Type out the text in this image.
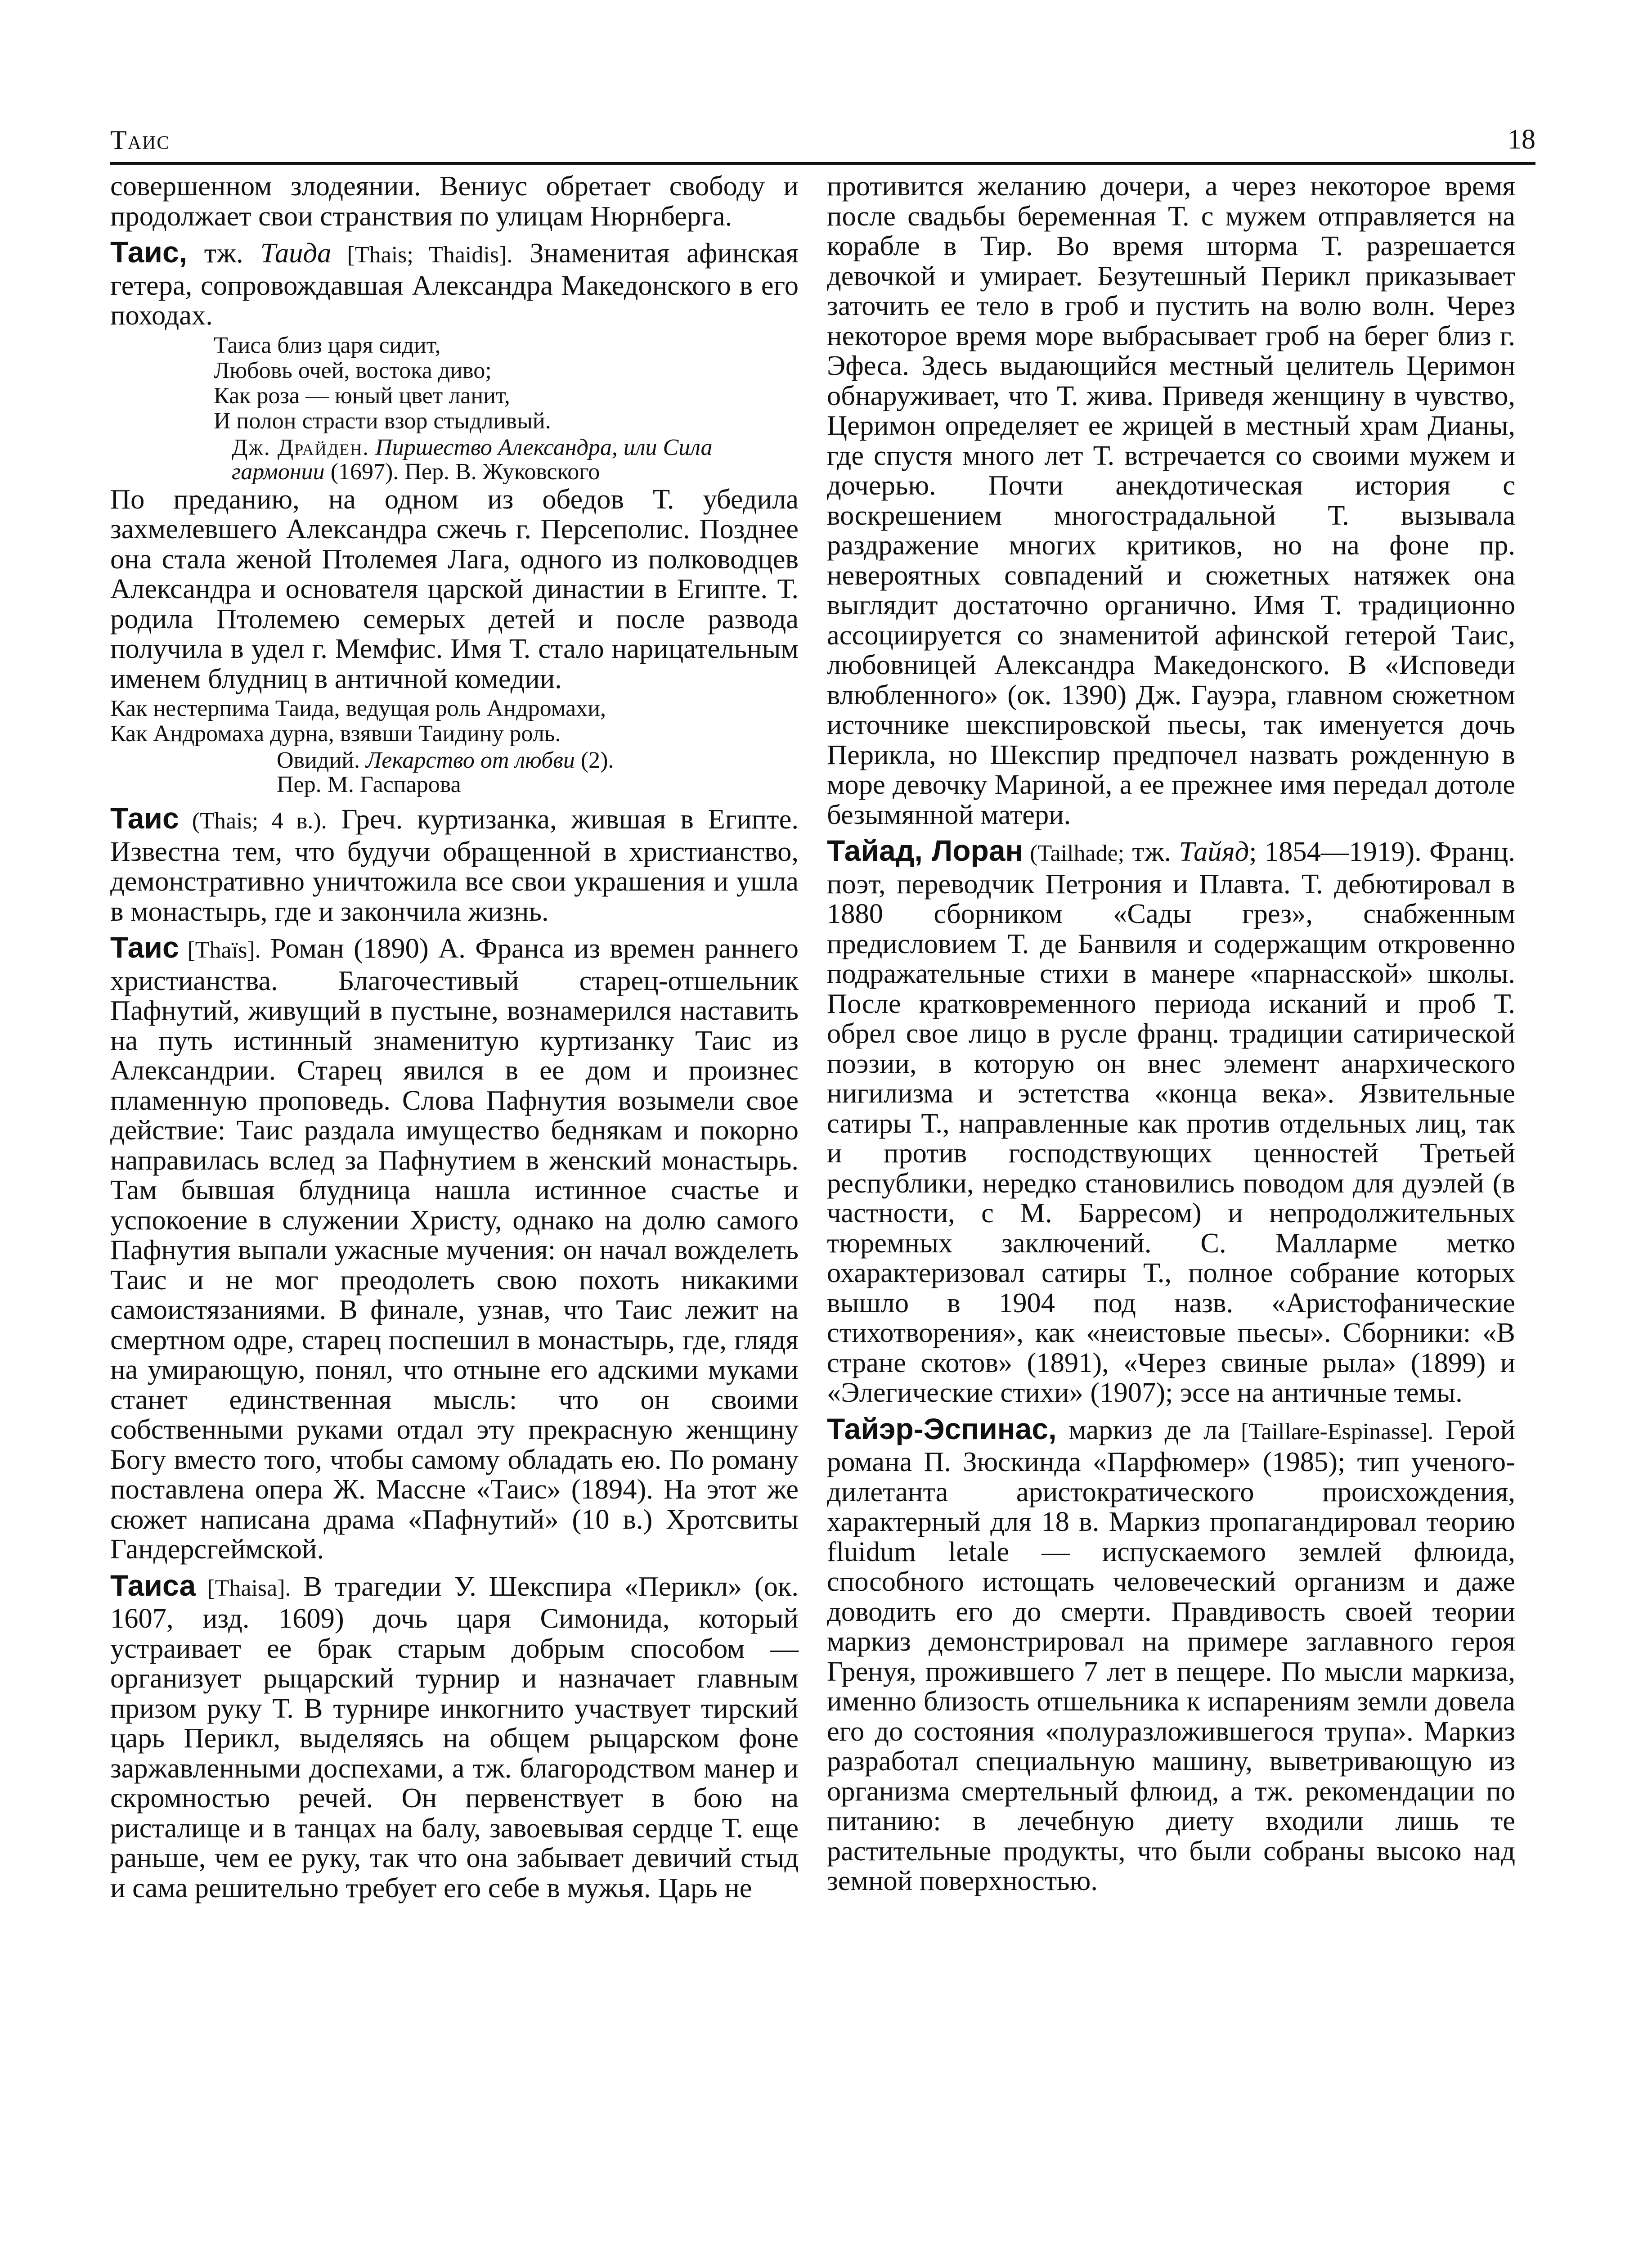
Таис	18

совершенном злодеянии. Вениус обретает свободу и продолжает свои странствия по улицам Нюрнберга.

Таис, тж. Таида [Thais; Thaidis]. Знаменитая афинская гетера, сопровождавшая Александра Македонского в его походах.

Таиса близ царя сидит,
Любовь очей, востока диво;
Как роза — юный цвет ланит,
И полон страсти взор стыдливый.
Дж. Драйден. Пиршество Александра, или Сила гармонии (1697). Пер. В. Жуковского

По преданию, на одном из обедов Т. убедила захмелевшего Александра сжечь г. Персеполис. Позднее она стала женой Птолемея Лага, одного из полководцев Александра и основателя царской династии в Египте. Т. родила Птолемею семерых детей и после развода получила в удел г. Мемфис. Имя Т. стало нарицательным именем блудниц в античной комедии.

Как нестерпима Таида, ведущая роль Андромахи,
Как Андромаха дурна, взявши Таидину роль.
Овидий. Лекарство от любви (2).
Пер. М. Гаспарова

Таис (Thais; 4 в.). Греч. куртизанка, жившая в Египте. Известна тем, что будучи обращенной в христианство, демонстративно уничтожила все свои украшения и ушла в монастырь, где и закончила жизнь.

Таис [Thaïs]. Роман (1890) А. Франса из времен раннего христианства. Благочестивый старец-отшельник Пафнутий, живущий в пустыне, вознамерился наставить на путь истинный знаменитую куртизанку Таис из Александрии. Старец явился в ее дом и произнес пламенную проповедь. Слова Пафнутия возымели свое действие: Таис раздала имущество беднякам и покорно направилась вслед за Пафнутием в женский монастырь. Там бывшая блудница нашла истинное счастье и успокоение в служении Христу, однако на долю самого Пафнутия выпали ужасные мучения: он начал вожделеть Таис и не мог преодолеть свою похоть никакими самоистязаниями. В финале, узнав, что Таис лежит на смертном одре, старец поспешил в монастырь, где, глядя на умирающую, понял, что отныне его адскими муками станет единственная мысль: что он своими собственными руками отдал эту прекрасную женщину Богу вместо того, чтобы самому обладать ею. По роману поставлена опера Ж. Массне «Таис» (1894). На этот же сюжет написана драма «Пафнутий» (10 в.) Хротсвиты Гандерсгеймской.

Таиса [Thaisa]. В трагедии У. Шекспира «Перикл» (ок. 1607, изд. 1609) дочь царя Симонида, который устраивает ее брак старым добрым способом — организует рыцарский турнир и назначает главным призом руку Т. В турнире инкогнито участвует тирский царь Перикл, выделяясь на общем рыцарском фоне заржавленными доспехами, а тж. благородством манер и скромностью речей. Он первенствует в бою на ристалище и в танцах на балу, завоевывая сердце Т. еще раньше, чем ее руку, так что она забывает девичий стыд и сама решительно требует его себе в мужья. Царь не

противится желанию дочери, а через некоторое время после свадьбы беременная Т. с мужем отправляется на корабле в Тир. Во время шторма Т. разрешается девочкой и умирает. Безутешный Перикл приказывает заточить ее тело в гроб и пустить на волю волн. Через некоторое время море выбрасывает гроб на берег близ г. Эфеса. Здесь выдающийся местный целитель Церимон обнаруживает, что Т. жива. Приведя женщину в чувство, Церимон определяет ее жрицей в местный храм Дианы, где спустя много лет Т. встречается со своими мужем и дочерью. Почти анекдотическая история с воскрешением многострадальной Т. вызывала раздражение многих критиков, но на фоне пр. невероятных совпадений и сюжетных натяжек она выглядит достаточно органично. Имя Т. традиционно ассоциируется со знаменитой афинской гетерой Таис, любовницей Александра Македонского. В «Исповеди влюбленного» (ок. 1390) Дж. Гауэра, главном сюжетном источнике шекспировской пьесы, так именуется дочь Перикла, но Шекспир предпочел назвать рожденную в море девочку Мариной, а ее прежнее имя передал дотоле безымянной матери.

Тайад, Лоран (Tailhade; тж. Тайяд; 1854—1919). Франц. поэт, переводчик Петрония и Плавта. Т. дебютировал в 1880 сборником «Сады грез», снабженным предисловием Т. де Банвиля и содержащим откровенно подражательные стихи в манере «парнасской» школы. После кратковременного периода исканий и проб Т. обрел свое лицо в русле франц. традиции сатирической поэзии, в которую он внес элемент анархического нигилизма и эстетства «конца века». Язвительные сатиры Т., направленные как против отдельных лиц, так и против господствующих ценностей Третьей республики, нередко становились поводом для дуэлей (в частности, с М. Барресом) и непродолжительных тюремных заключений. С. Малларме метко охарактеризовал сатиры Т., полное собрание которых вышло в 1904 под назв. «Аристофанические стихотворения», как «неистовые пьесы». Сборники: «В стране скотов» (1891), «Через свиные рыла» (1899) и «Элегические стихи» (1907); эссе на античные темы.

Тайэр-Эспинас, маркиз де ла [Taillare-Espinasse]. Герой романа П. Зюскинда «Парфюмер» (1985); тип ученого-дилетанта аристократического происхождения, характерный для 18 в. Маркиз пропагандировал теорию fluidum letale — испускаемого землей флюида, способного истощать человеческий организм и даже доводить его до смерти. Правдивость своей теории маркиз демонстрировал на примере заглавного героя Гренуя, прожившего 7 лет в пещере. По мысли маркиза, именно близость отшельника к испарениям земли довела его до состояния «полуразложившегося трупа». Маркиз разработал специальную машину, выветривающую из организма смертельный флюид, а тж. рекомендации по питанию: в лечебную диету входили лишь те растительные продукты, что были собраны высоко над земной поверхностью.
